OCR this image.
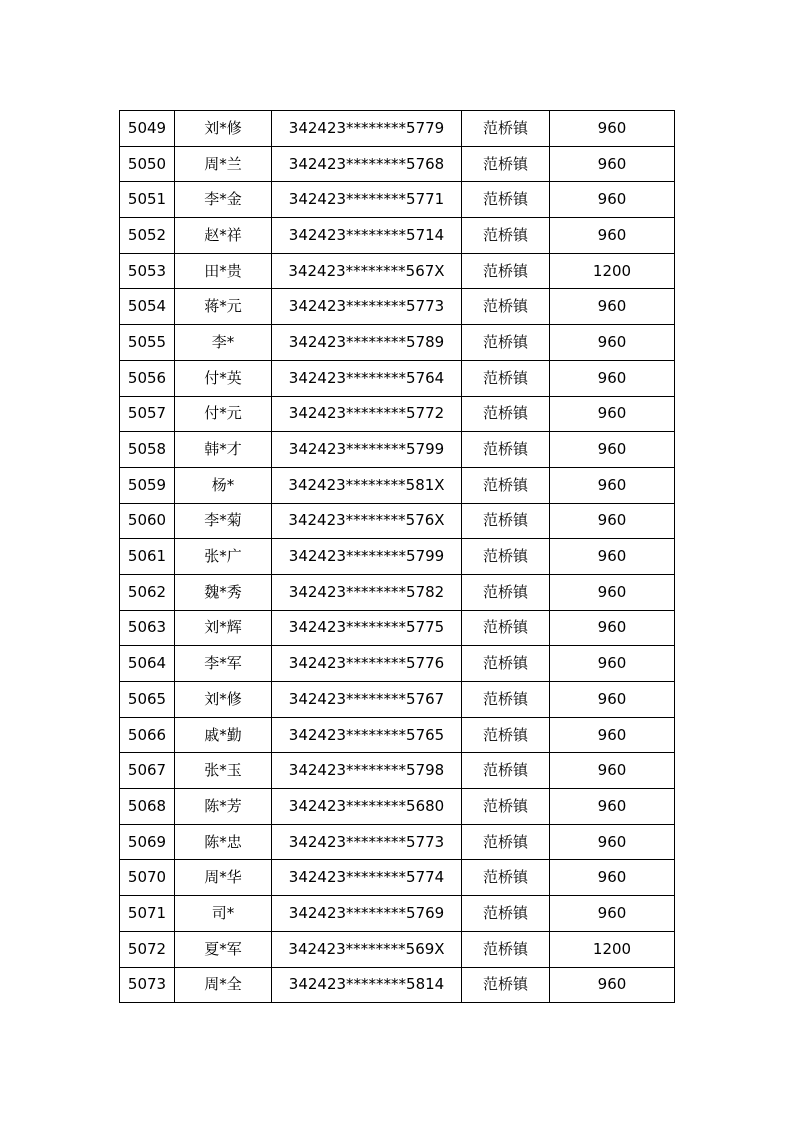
5049	刘*修	342423********5779	范桥镇	960
5050	周*兰	342423********5768	范桥镇	960
5051	李*金	342423********5771	范桥镇	960
5052	赵*祥	342423********5714	范桥镇	960
5053	田*贵	342423********567X	范桥镇	1200
5054	蒋*元	342423********5773	范桥镇	960
5055	李*	342423********5789	范桥镇	960
5056	付*英	342423********5764	范桥镇	960
5057	付*元	342423********5772	范桥镇	960
5058	韩*才	342423********5799	范桥镇	960
5059	杨*	342423********581X	范桥镇	960
5060	李*菊	342423********576X	范桥镇	960
5061	张*广	342423********5799	范桥镇	960
5062	魏*秀	342423********5782	范桥镇	960
5063	刘*辉	342423********5775	范桥镇	960
5064	李*军	342423********5776	范桥镇	960
5065	刘*修	342423********5767	范桥镇	960
5066	戚*勤	342423********5765	范桥镇	960
5067	张*玉	342423********5798	范桥镇	960
5068	陈*芳	342423********5680	范桥镇	960
5069	陈*忠	342423********5773	范桥镇	960
5070	周*华	342423********5774	范桥镇	960
5071	司*	342423********5769	范桥镇	960
5072	夏*军	342423********569X	范桥镇	1200
5073	周*全	342423********5814	范桥镇	960
